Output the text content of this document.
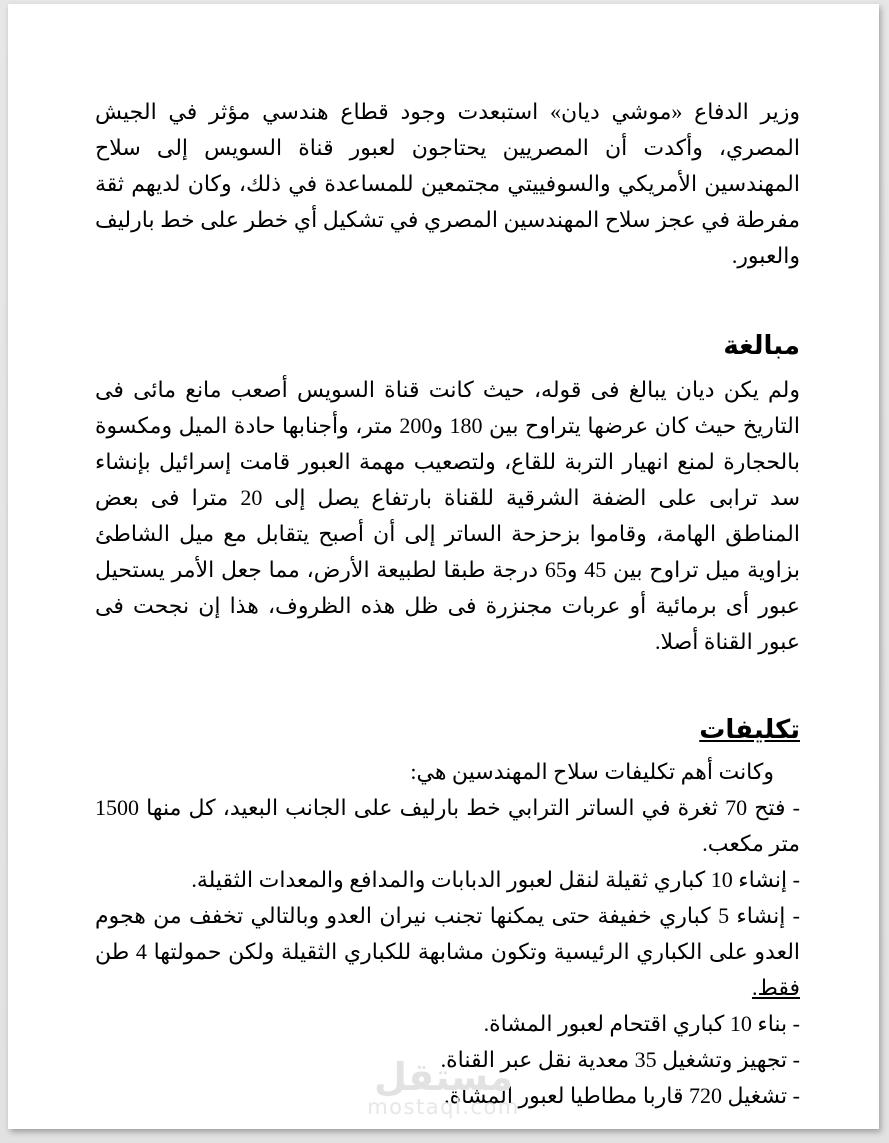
وزير الدفاع «موشي ديان» استبعدت وجود قطاع هندسي مؤثر في الجيش المصري، وأكدت أن المصريين يحتاجون لعبور قناة السويس إلى سلاح المهندسين الأمريكي والسوفييتي مجتمعين للمساعدة في ذلك، وكان لديهم ثقة مفرطة في عجز سلاح المهندسين المصري في تشكيل أي خطر على خط بارليف والعبور.

مبالغة

ولم يكن ديان يبالغ فى قوله، حيث كانت قناة السويس أصعب مانع مائى فى التاريخ حيث كان عرضها يتراوح بين 180 و200 متر، وأجنابها حادة الميل ومكسوة بالحجارة لمنع انهيار التربة للقاع، ولتصعيب مهمة العبور قامت إسرائيل بإنشاء سد ترابى على الضفة الشرقية للقناة بارتفاع يصل إلى 20 مترا فى بعض المناطق الهامة، وقاموا بزحزحة الساتر إلى أن أصبح يتقابل مع ميل الشاطئ بزاوية ميل تراوح بين 45 و65 درجة طبقا لطبيعة الأرض، مما جعل الأمر يستحيل عبور أى برمائية أو عربات مجنزرة فى ظل هذه الظروف، هذا إن نجحت فى عبور القناة أصلا.

تكليفات

وكانت أهم تكليفات سلاح المهندسين هي:

- فتح 70 ثغرة في الساتر الترابي خط بارليف على الجانب البعيد، كل منها 1500 متر مكعب.

- إنشاء 10 كباري ثقيلة لنقل لعبور الدبابات والمدافع والمعدات الثقيلة.

- إنشاء 5 كباري خفيفة حتى يمكنها تجنب نيران العدو وبالتالي تخفف من هجوم العدو على الكباري الرئيسية وتكون مشابهة للكباري الثقيلة ولكن حمولتها 4 طن فقط.

- بناء 10 كباري اقتحام لعبور المشاة.

- تجهيز وتشغيل 35 معدية نقل عبر القناة.

- تشغيل 720 قاربا مطاطيا لعبور المشاة.

مستقل
mostaql.com
